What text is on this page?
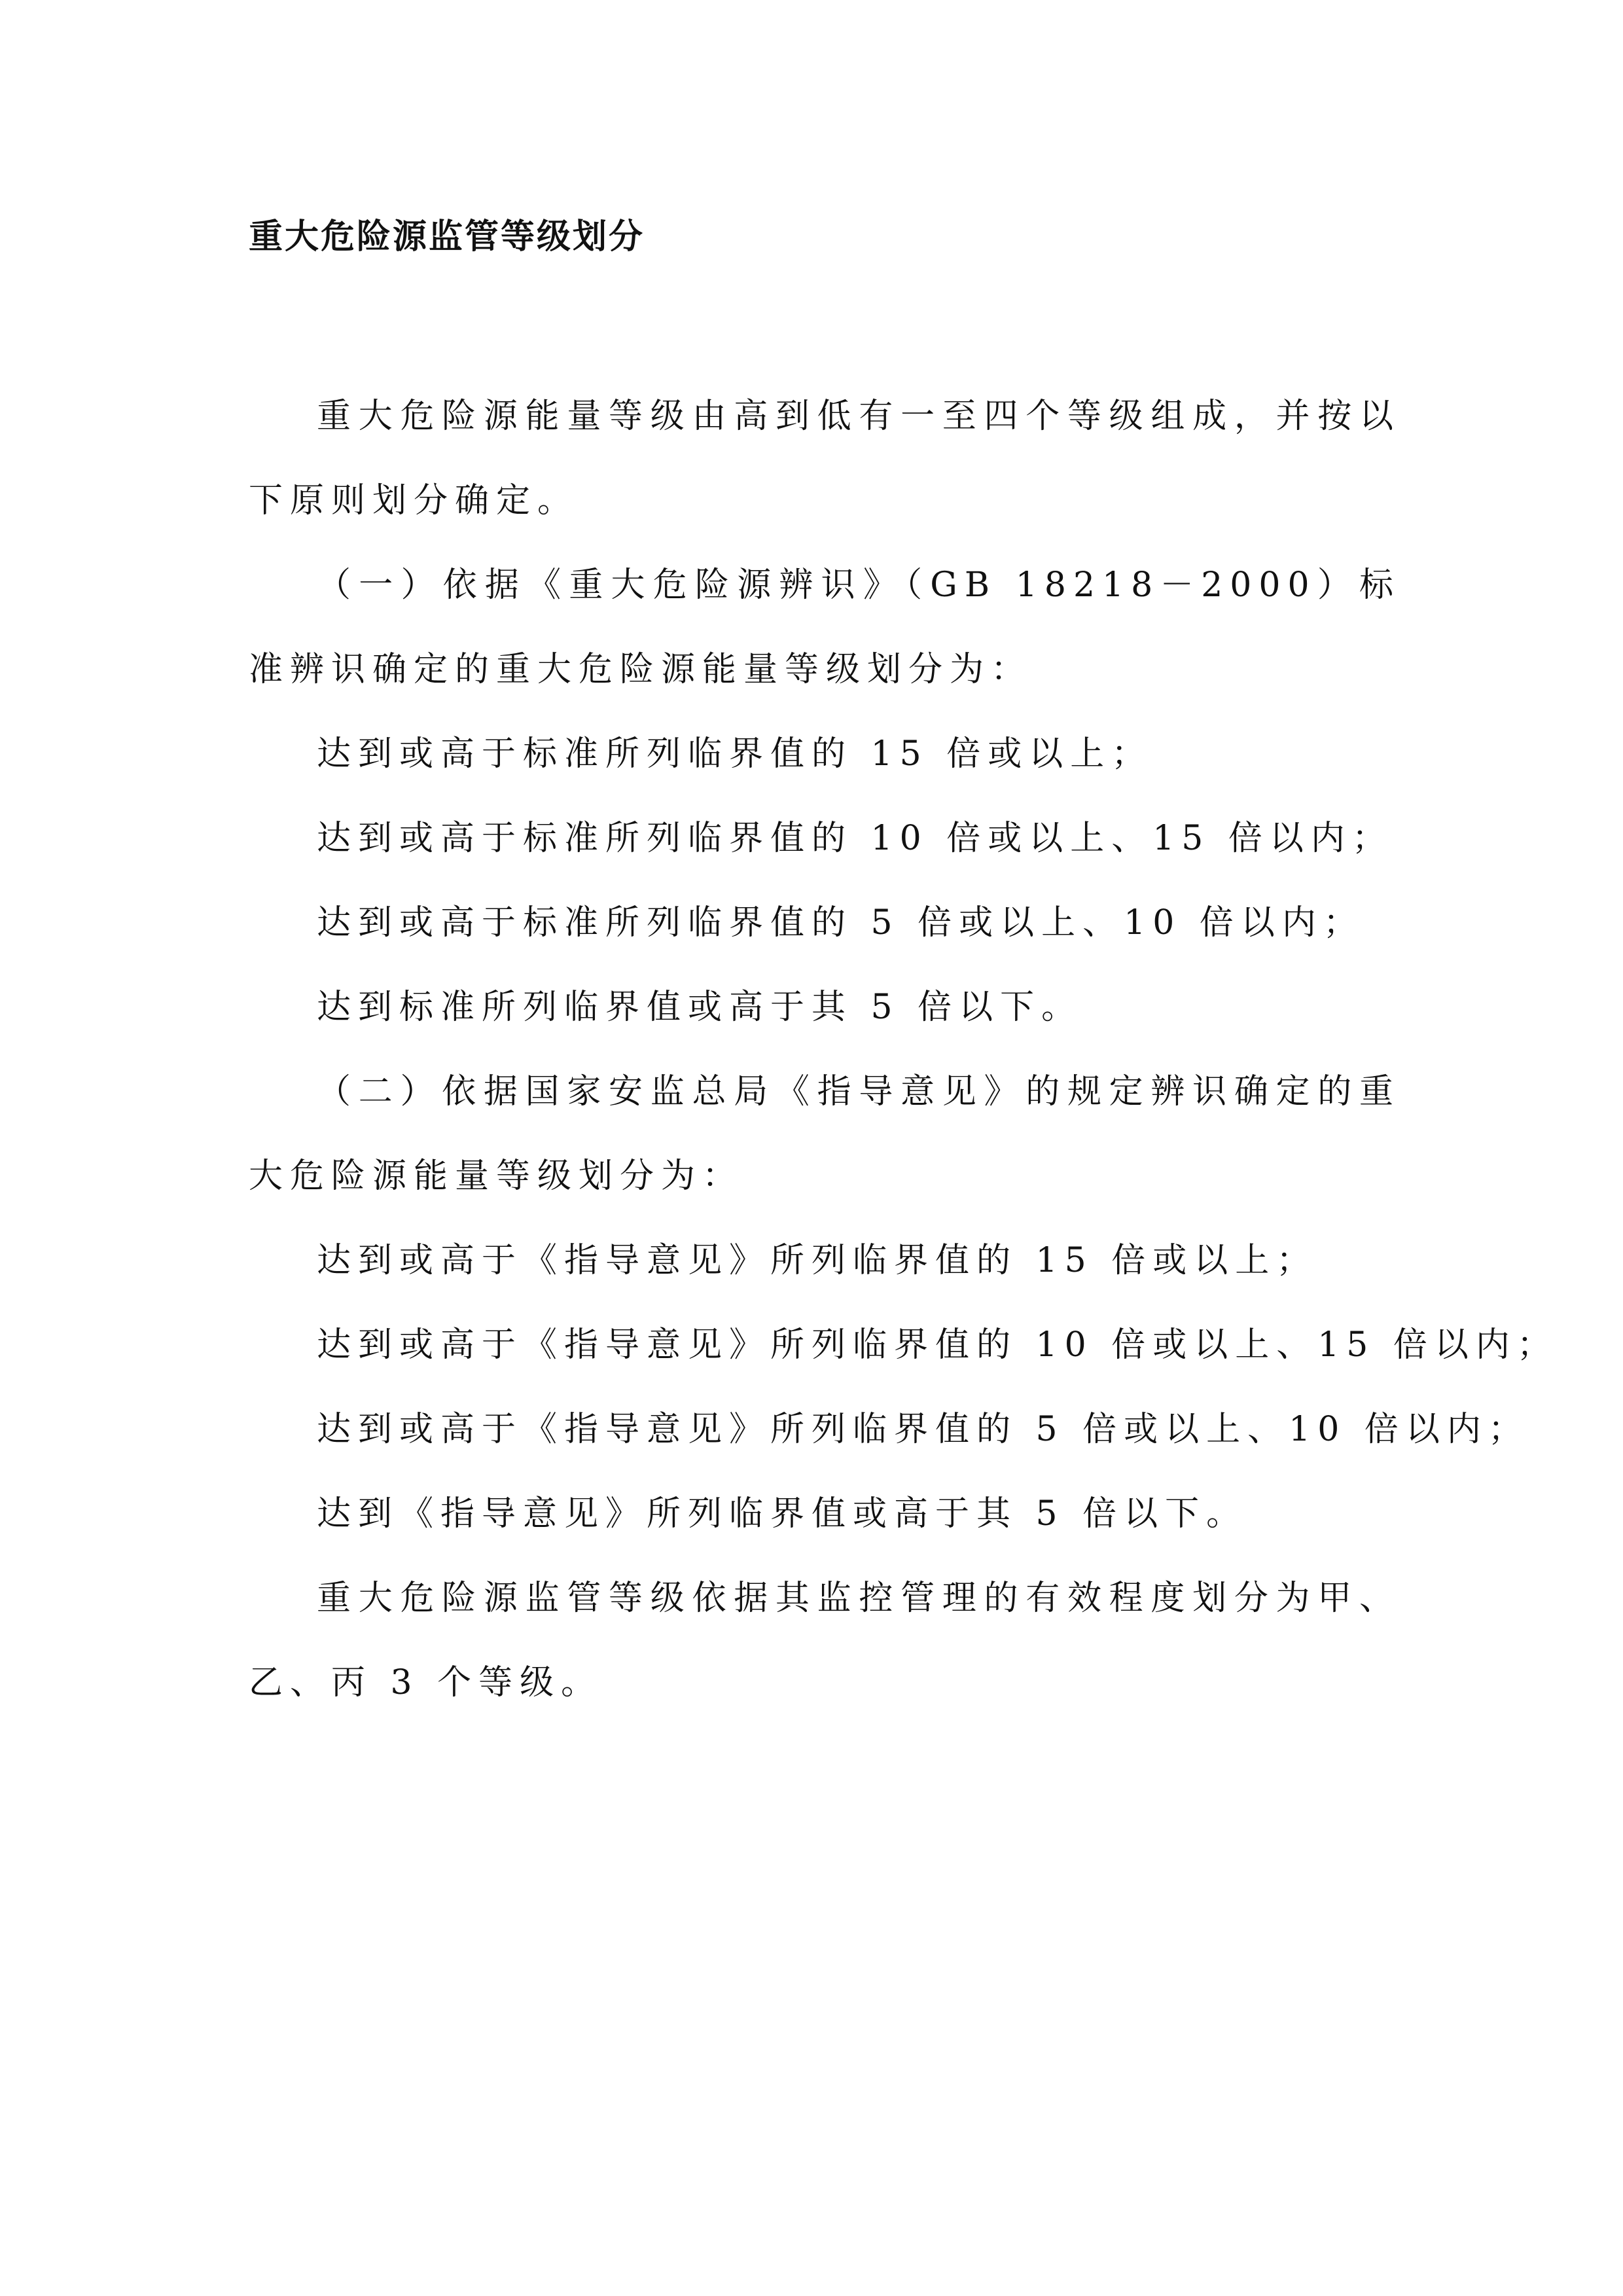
重大危险源监管等级划分

重大危险源能量等级由高到低有一至四个等级组成，并按以下原则划分确定。

（一）依据《重大危险源辨识》（GB 18218－2000）标准辨识确定的重大危险源能量等级划分为：

达到或高于标准所列临界值的 15 倍或以上；

达到或高于标准所列临界值的 10 倍或以上、15 倍以内；

达到或高于标准所列临界值的 5 倍或以上、10 倍以内；

达到标准所列临界值或高于其 5 倍以下。

（二）依据国家安监总局《指导意见》的规定辨识确定的重大危险源能量等级划分为：

达到或高于《指导意见》所列临界值的 15 倍或以上；

达到或高于《指导意见》所列临界值的 10 倍或以上、15 倍以内；

达到或高于《指导意见》所列临界值的 5 倍或以上、10 倍以内；

达到《指导意见》所列临界值或高于其 5 倍以下。

重大危险源监管等级依据其监控管理的有效程度划分为甲、乙、丙 3 个等级。
